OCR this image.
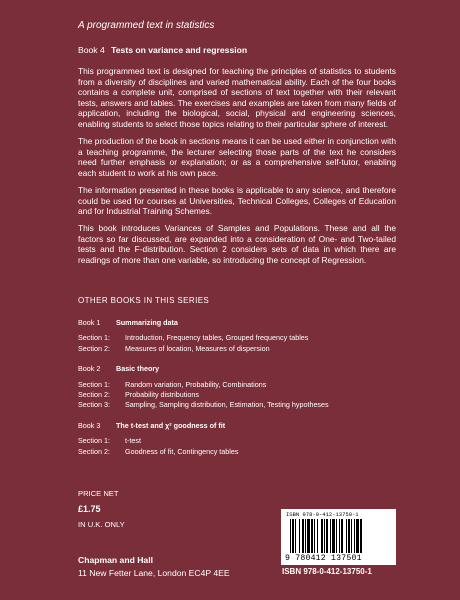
A programmed text in statistics
Book 4 Tests on variance and regression

This programmed text is designed for teaching the principles of statistics to students from a diversity of disciplines and varied mathematical ability. Each of the four books contains a complete unit, comprised of sections of text together with their relevant tests, answers and tables. The exercises and examples are taken from many fields of application, including the biological, social, physical and engineering sciences, enabling students to select those topics relating to their particular sphere of interest.

The production of the book in sections means it can be used either in conjunction with a teaching programme, the lecturer selecting those parts of the text he considers need further emphasis or explanation; or as a comprehensive self-tutor, enabling each student to work at his own pace.

The information presented in these books is applicable to any science, and therefore could be used for courses at Universities, Technical Colleges, Colleges of Education and for Industrial Training Schemes.

This book introduces Variances of Samples and Populations. These and all the factors so far discussed, are expanded into a consideration of One- and Two-tailed tests and the F-distribution. Section 2 considers sets of data in which there are readings of more than one variable, so introducing the concept of Regression.

OTHER BOOKS IN THIS SERIES
Book 1 Summarizing data
Section 1: Introduction, Frequency tables, Grouped frequency tables
Section 2: Measures of location, Measures of dispersion
Book 2 Basic theory
Section 1: Random variation, Probability, Combinations
Section 2: Probability distributions
Section 3: Sampling, Sampling distribution, Estimation, Testing hypotheses
Book 3 The t-test and χ² goodness of fit
Section 1: t-test
Section 2: Goodness of fit, Contingency tables
PRICE NET
£1.75
IN U.K. ONLY
Chapman and Hall
11 New Fetter Lane, London EC4P 4EE
ISBN 978-0-412-13750-1
9 780412 137501
ISBN 978-0-412-13750-1
